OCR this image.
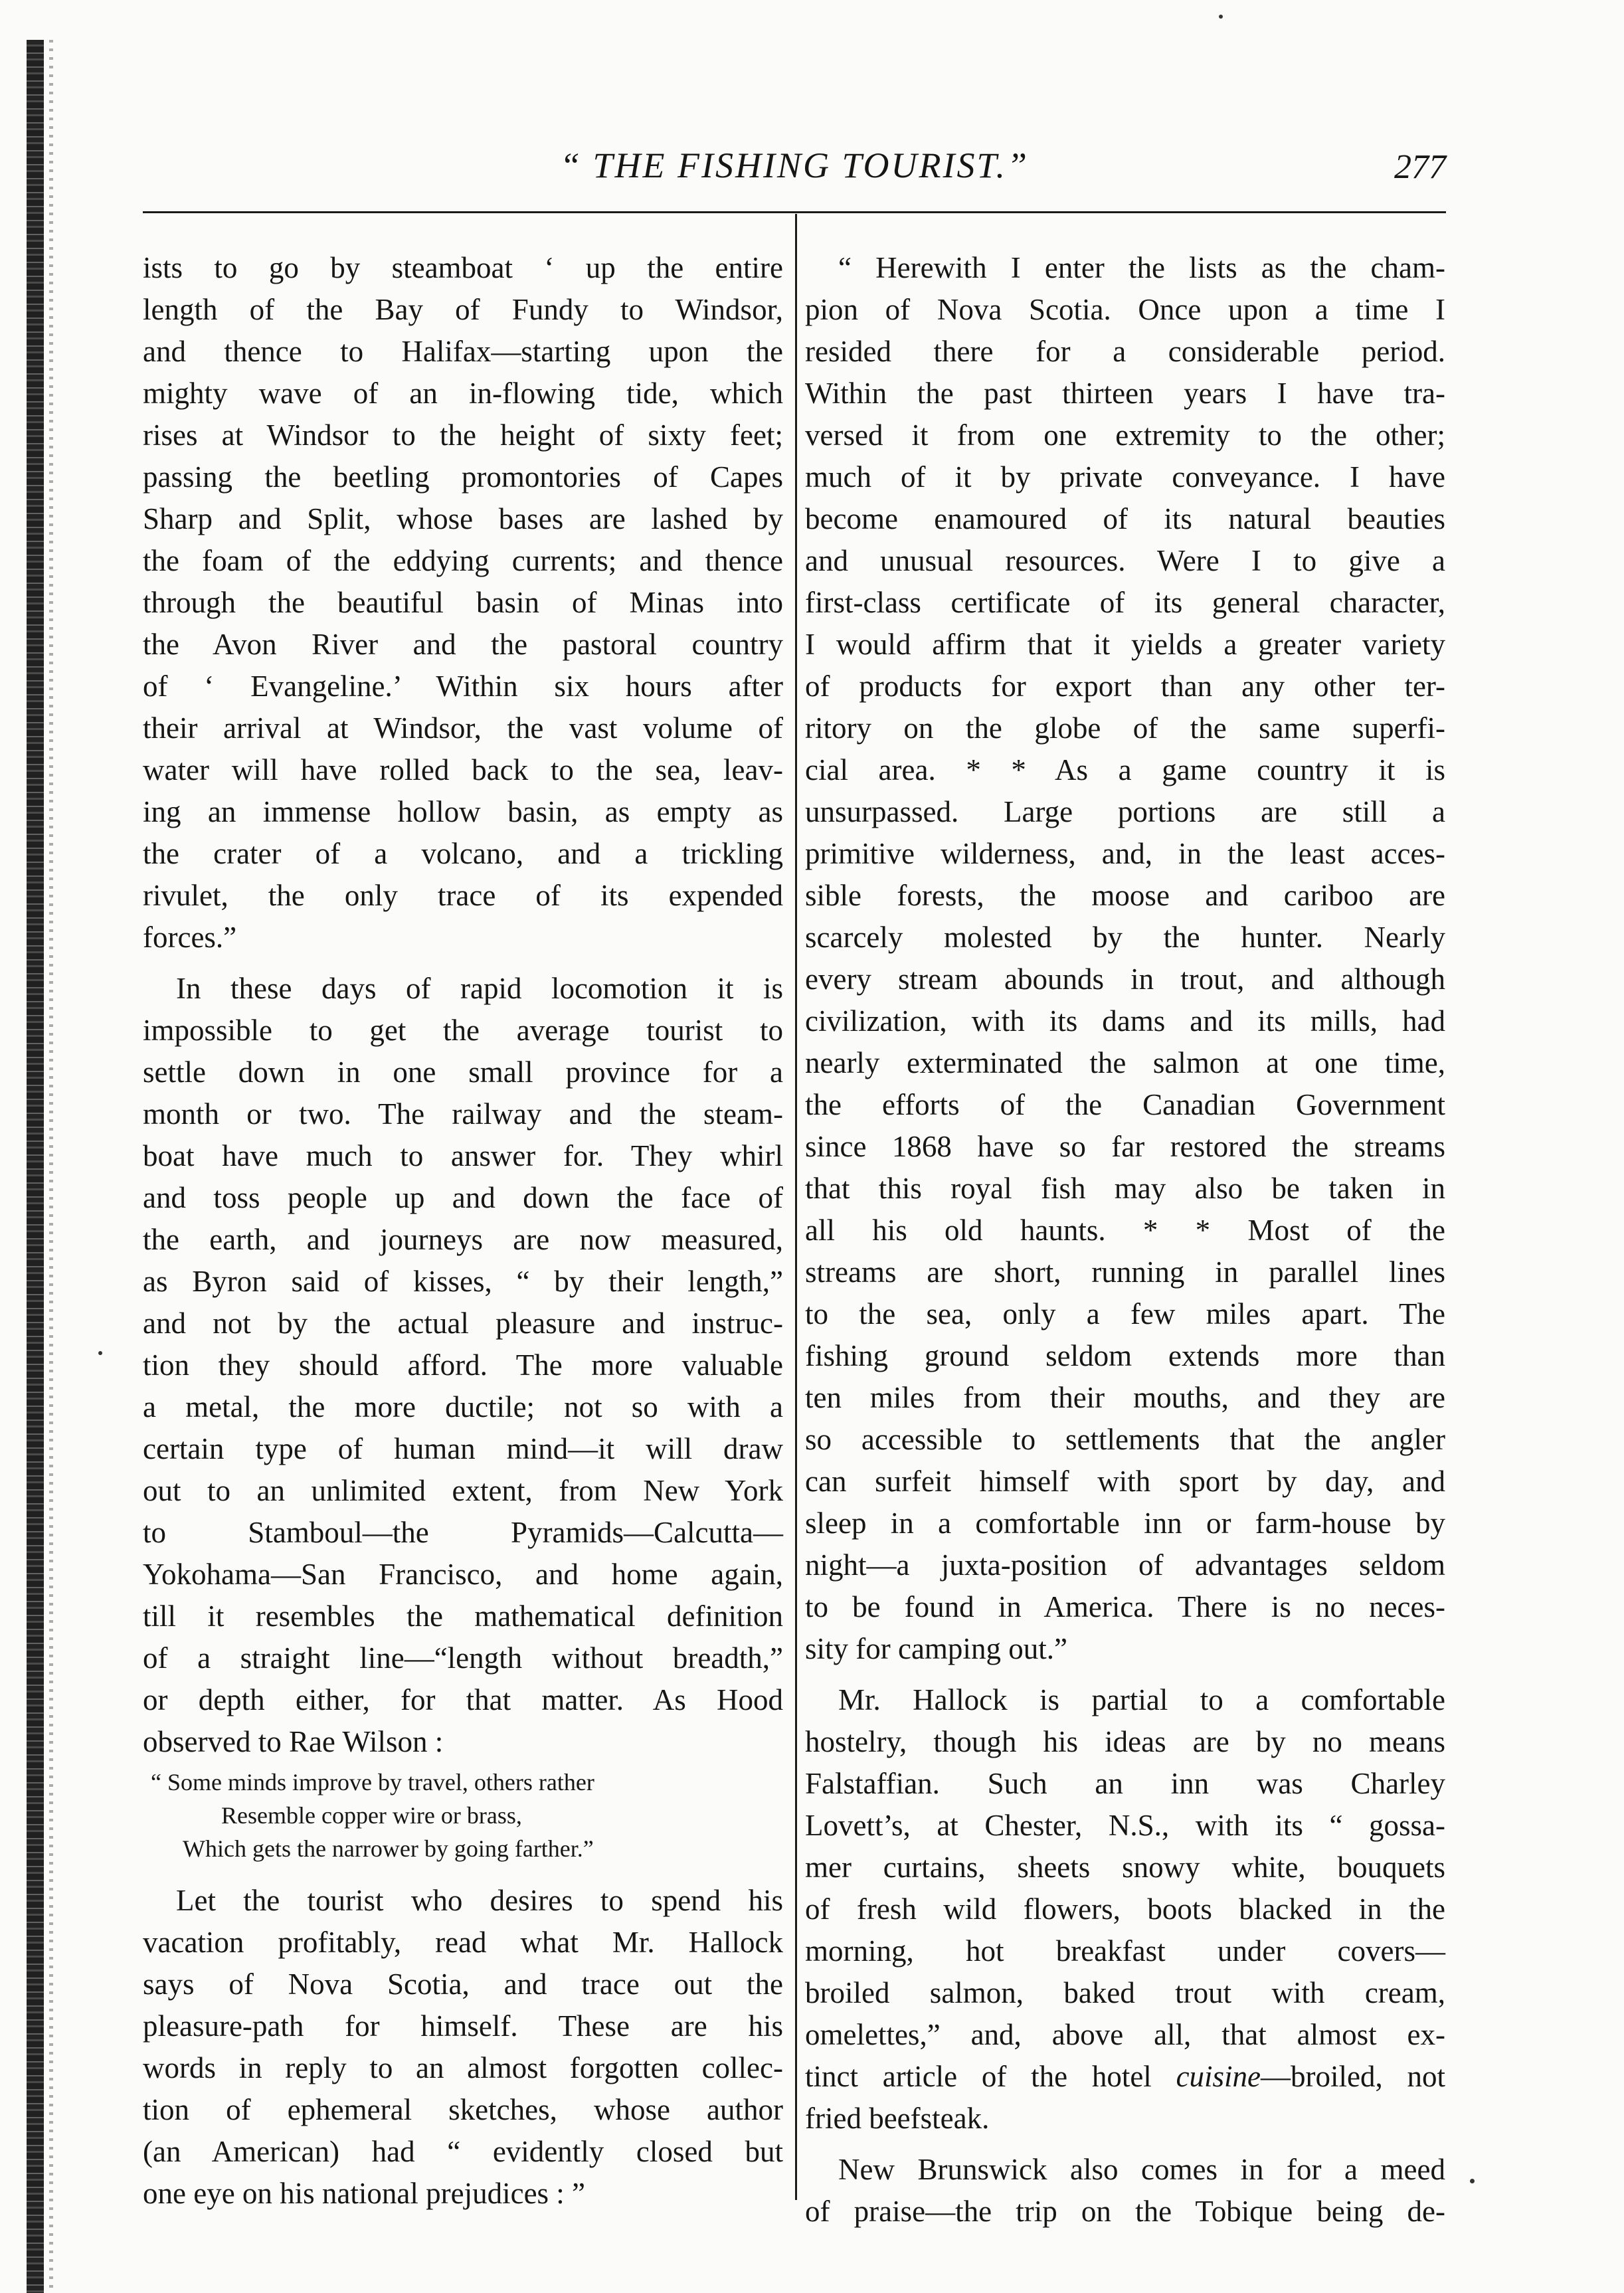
“ THE FISHING TOURIST.”	277

ists to go by steamboat ‘ up the entire

length of the Bay of Fundy to Windsor,

and thence to Halifax—starting upon the

mighty wave of an in-flowing tide, which

rises at Windsor to the height of sixty feet;

passing the beetling promontories of Capes

Sharp and Split, whose bases are lashed by

the foam of the eddying currents; and thence

through the beautiful basin of Minas into

the Avon River and the pastoral country

of ‘ Evangeline.’ Within six hours after

their arrival at Windsor, the vast volume of

water will have rolled back to the sea, leav-

ing an immense hollow basin, as empty as

the crater of a volcano, and a trickling

rivulet, the only trace of its expended

forces.”

In these days of rapid locomotion it is

impossible to get the average tourist to

settle down in one small province for a

month or two. The railway and the steam-

boat have much to answer for. They whirl

and toss people up and down the face of

the earth, and journeys are now measured,

as Byron said of kisses, “ by their length,”

and not by the actual pleasure and instruc-

tion they should afford. The more valuable

a metal, the more ductile; not so with a

certain type of human mind—it will draw

out to an unlimited extent, from New York

to Stamboul—the Pyramids—Calcutta—

Yokohama—San Francisco, and home again,

till it resembles the mathematical definition

of a straight line—“length without breadth,”

or depth either, for that matter. As Hood

observed to Rae Wilson :

“ Some minds improve by travel, others rather
Resemble copper wire or brass,
Which gets the narrower by going farther.”

Let the tourist who desires to spend his

vacation profitably, read what Mr. Hallock

says of Nova Scotia, and trace out the

pleasure-path for himself. These are his

words in reply to an almost forgotten collec-

tion of ephemeral sketches, whose author

(an American) had “ evidently closed but

one eye on his national prejudices : ”

“ Herewith I enter the lists as the cham-

pion of Nova Scotia. Once upon a time I

resided there for a considerable period.

Within the past thirteen years I have tra-

versed it from one extremity to the other;

much of it by private conveyance. I have

become enamoured of its natural beauties

and unusual resources. Were I to give a

first-class certificate of its general character,

I would affirm that it yields a greater variety

of products for export than any other ter-

ritory on the globe of the same superfi-

cial area. * * As a game country it is

unsurpassed. Large portions are still a

primitive wilderness, and, in the least acces-

sible forests, the moose and cariboo are

scarcely molested by the hunter. Nearly

every stream abounds in trout, and although

civilization, with its dams and its mills, had

nearly exterminated the salmon at one time,

the efforts of the Canadian Government

since 1868 have so far restored the streams

that this royal fish may also be taken in

all his old haunts. * * Most of the

streams are short, running in parallel lines

to the sea, only a few miles apart. The

fishing ground seldom extends more than

ten miles from their mouths, and they are

so accessible to settlements that the angler

can surfeit himself with sport by day, and

sleep in a comfortable inn or farm-house by

night—a juxta-position of advantages seldom

to be found in America. There is no neces-

sity for camping out.”

Mr. Hallock is partial to a comfortable

hostelry, though his ideas are by no means

Falstaffian. Such an inn was Charley

Lovett’s, at Chester, N.S., with its “ gossa-

mer curtains, sheets snowy white, bouquets

of fresh wild flowers, boots blacked in the

morning, hot breakfast under covers—

broiled salmon, baked trout with cream,

omelettes,” and, above all, that almost ex-

tinct article of the hotel cuisine—broiled, not

fried beefsteak.

New Brunswick also comes in for a meed

of praise—the trip on the Tobique being de-
